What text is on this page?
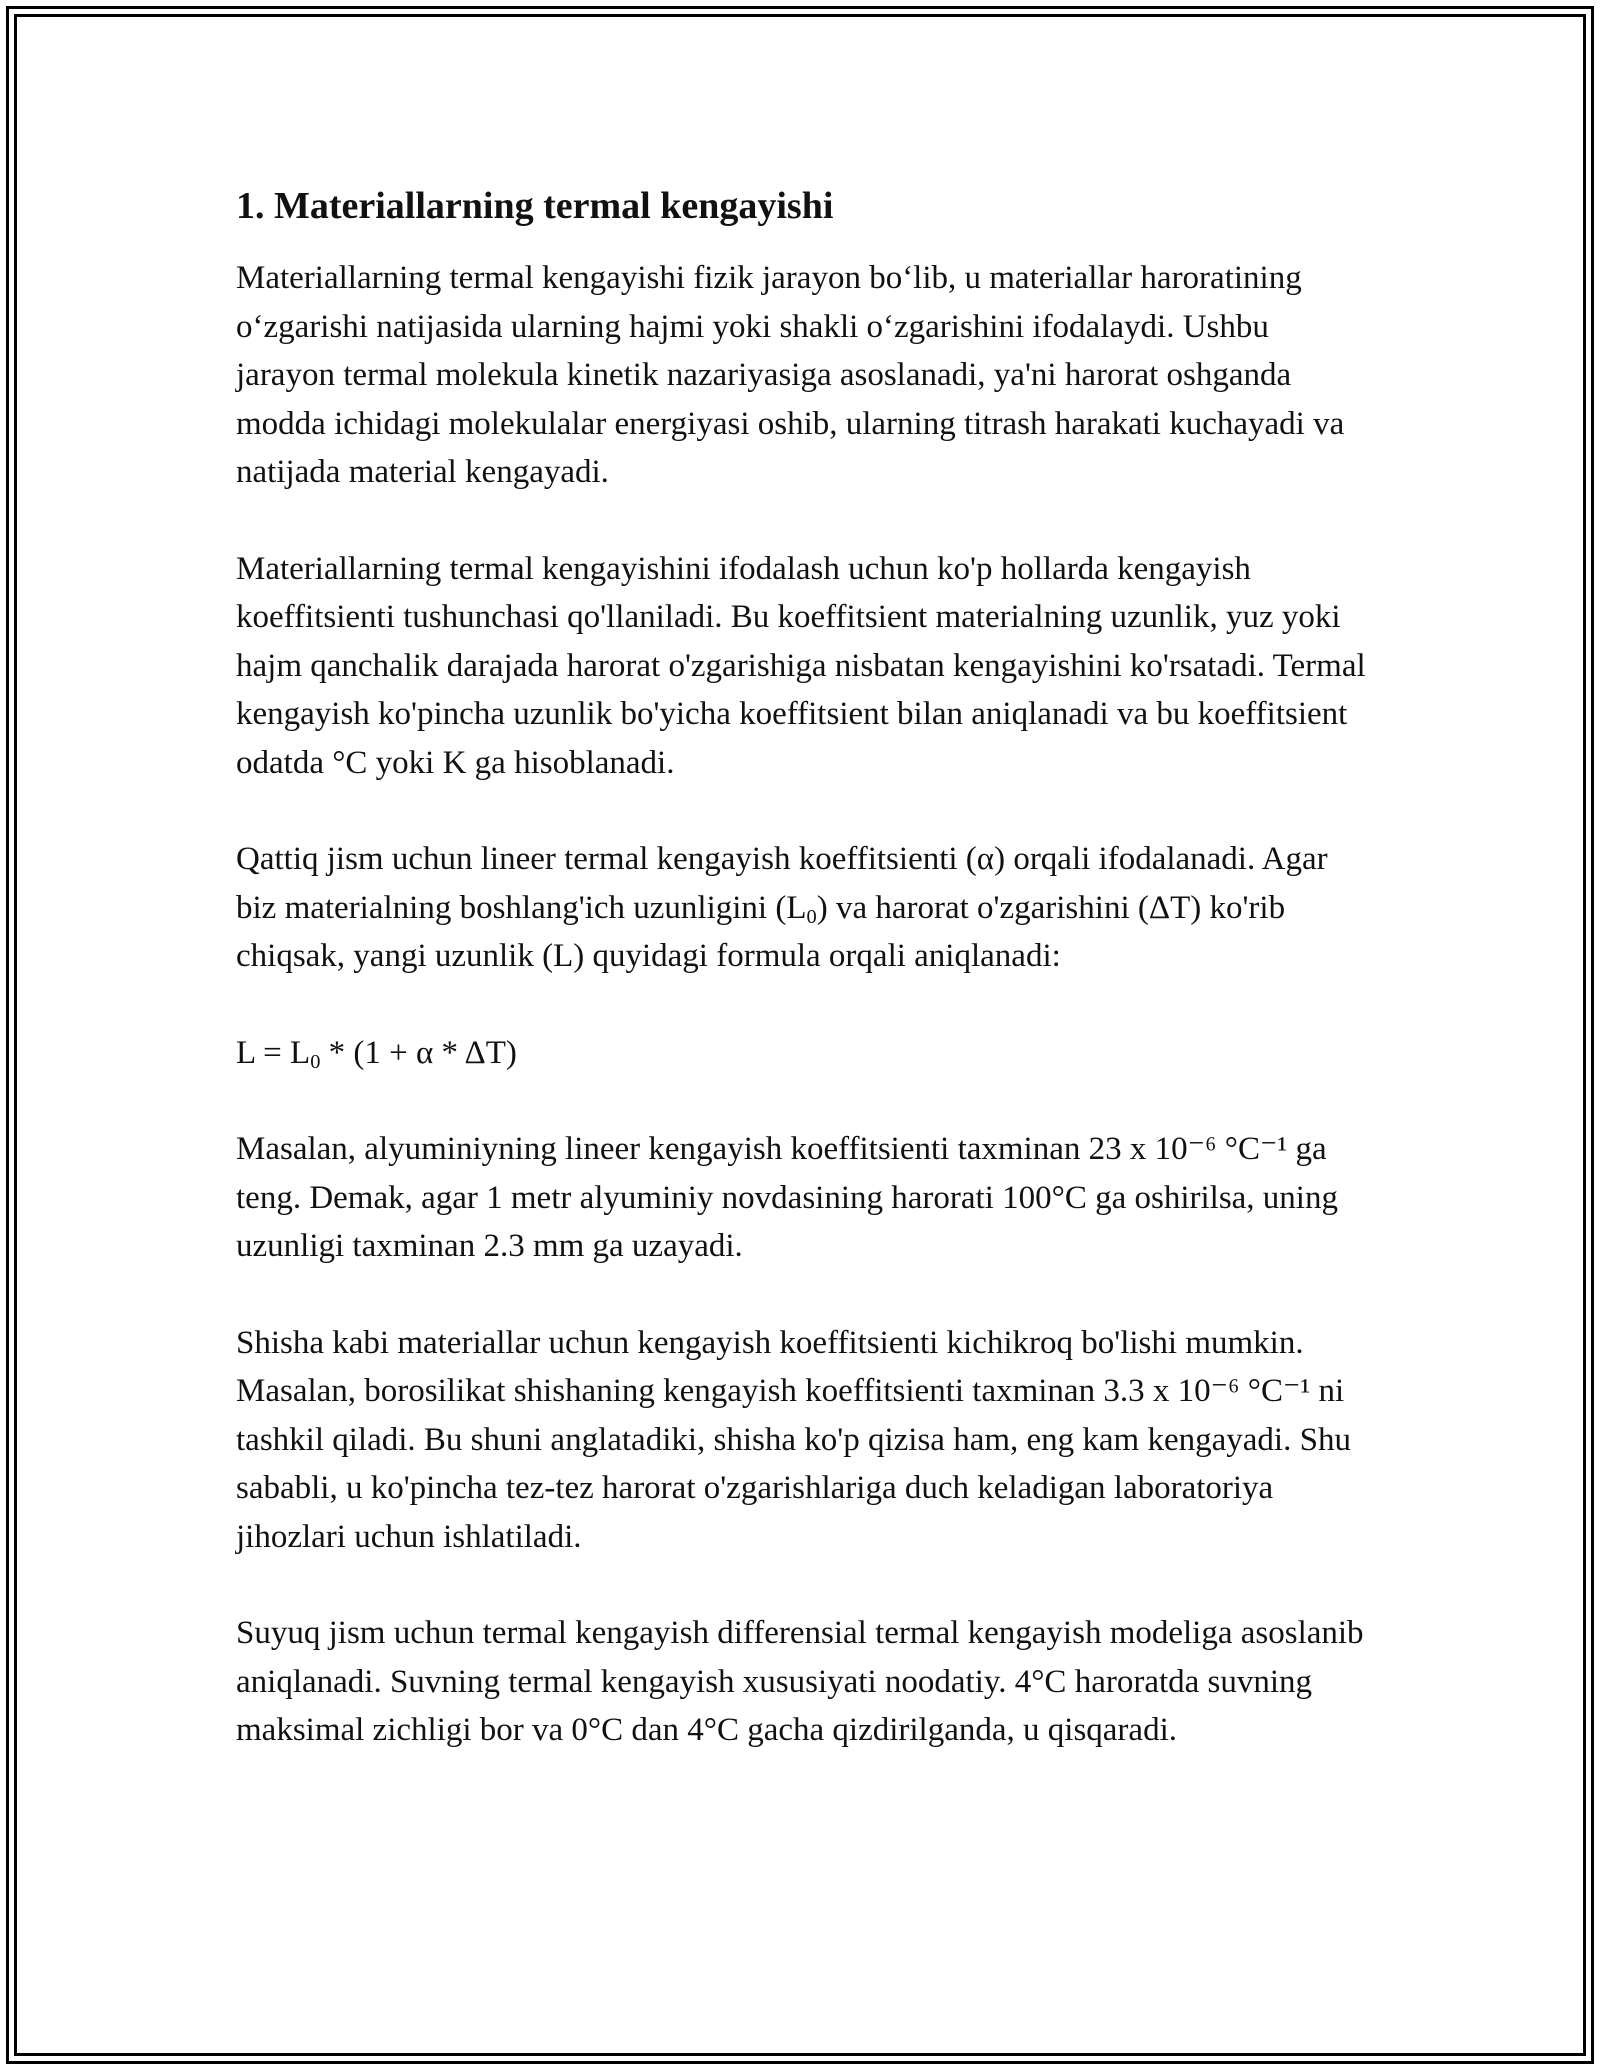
1. Materiallarning termal kengayishi

Materiallarning termal kengayishi fizik jarayon bo‘lib, u materiallar haroratining o‘zgarishi natijasida ularning hajmi yoki shakli o‘zgarishini ifodalaydi. Ushbu jarayon termal molekula kinetik nazariyasiga asoslanadi, ya'ni harorat oshganda modda ichidagi molekulalar energiyasi oshib, ularning titrash harakati kuchayadi va natijada material kengayadi.

Materiallarning termal kengayishini ifodalash uchun ko'p hollarda kengayish koeffitsienti tushunchasi qo'llaniladi. Bu koeffitsient materialning uzunlik, yuz yoki hajm qanchalik darajada harorat o'zgarishiga nisbatan kengayishini ko'rsatadi. Termal kengayish ko'pincha uzunlik bo'yicha koeffitsient bilan aniqlanadi va bu koeffitsient odatda °C yoki K ga hisoblanadi.

Qattiq jism uchun lineer termal kengayish koeffitsienti (α) orqali ifodalanadi. Agar biz materialning boshlang'ich uzunligini $(L_0)$ va harorat o'zgarishini (ΔT) ko'rib chiqsak, yangi uzunlik (L) quyidagi formula orqali aniqlanadi:

$L = L_0 * (1 + \alpha * \Delta T)$

Masalan, alyuminiyning lineer kengayish koeffitsienti taxminan 23 x 10⁻⁶ °C⁻¹ ga teng. Demak, agar 1 metr alyuminiy novdasining harorati 100°C ga oshirilsa, uning uzunligi taxminan 2.3 mm ga uzayadi.

Shisha kabi materiallar uchun kengayish koeffitsienti kichikroq bo'lishi mumkin. Masalan, borosilikat shishaning kengayish koeffitsienti taxminan 3.3 x 10⁻⁶ °C⁻¹ ni tashkil qiladi. Bu shuni anglatadiki, shisha ko'p qizisa ham, eng kam kengayadi. Shu sababli, u ko'pincha tez-tez harorat o'zgarishlariga duch keladigan laboratoriya jihozlari uchun ishlatiladi.

Suyuq jism uchun termal kengayish differensial termal kengayish modeliga asoslanib aniqlanadi. Suvning termal kengayish xususiyati noodatiy. 4°C haroratda suvning maksimal zichligi bor va 0°C dan 4°C gacha qizdirilganda, u qisqaradi.
